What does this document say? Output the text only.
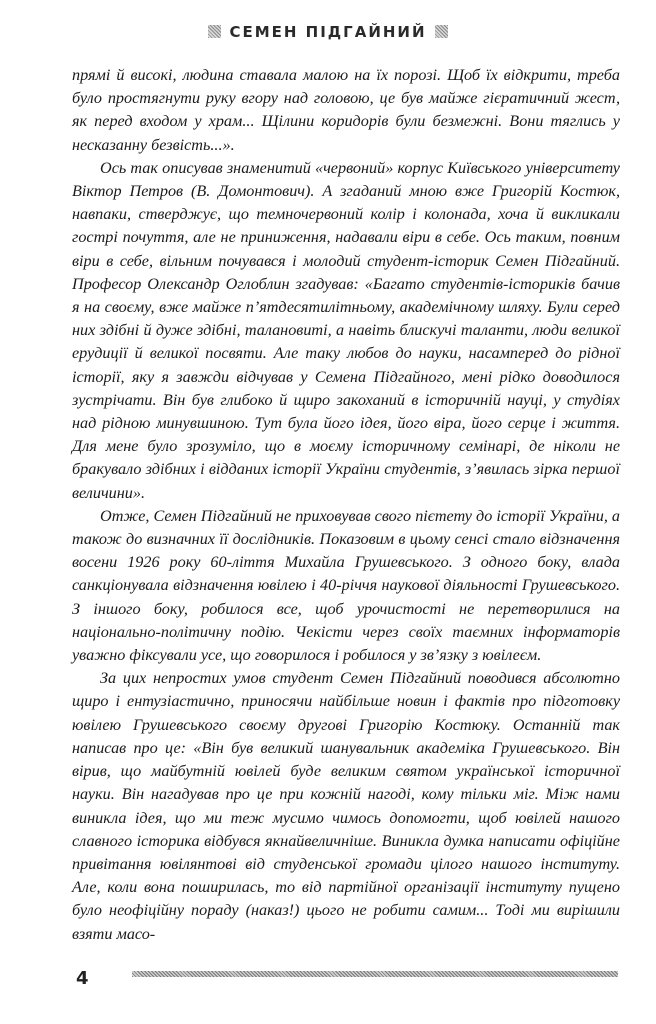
СЕМЕН ПІДГАЙНИЙ

прямі й високі, людина ставала малою на їх порозі. Щоб їх відкрити, треба було простягнути руку вгору над головою, це був майже гієратичний жест, як перед входом у храм... Щілини коридорів були безмежні. Вони тяглись у несказанну безвість...».

Ось так описував знаменитий «червоний» корпус Київського університету Віктор Петров (В. Домонтович). А згаданий мною вже Григорій Костюк, навпаки, стверджує, що темночервоний колір і колонада, хоча й викликали гострі почуття, але не приниження, надавали віри в себе. Ось таким, повним віри в себе, вільним почувався і молодий студент-історик Семен Підгайний. Професор Олександр Оглоблин згадував: «Багато студентів-істориків бачив я на своєму, вже майже п’ятдесятилітньому, академічному шляху. Були серед них здібні й дуже здібні, талановиті, а навіть блискучі таланти, люди великої ерудиції й великої посвяти. Але таку любов до науки, насамперед до рідної історії, яку я завжди відчував у Семена Підгайного, мені рідко доводилося зустрічати. Він був глибоко й щиро закоханий в історичній науці, у студіях над рідною минувшиною. Тут була його ідея, його віра, його серце і життя. Для мене було зрозуміло, що в моєму історичному семінарі, де ніколи не бракувало здібних і відданих історії України студентів, з’явилась зірка першої величини».

Отже, Семен Підгайний не приховував свого пієтету до історії України, а також до визначних її дослідників. Показовим в цьому сенсі стало відзначення восени 1926 року 60-ліття Михайла Грушевського. З одного боку, влада санкціонувала відзначення ювілею і 40-річчя наукової діяльності Грушевського. З іншого боку, робилося все, щоб урочистості не перетворилися на національно-політичну подію. Чекісти через своїх таємних інформаторів уважно фіксували усе, що говорилося і робилося у зв’язку з ювілеєм.

За цих непростих умов студент Семен Підгайний поводився абсолютно щиро і ентузіастично, приносячи найбільше новин і фактів про підготовку ювілею Грушевського своєму другові Григорію Костюку. Останній так написав про це: «Він був великий шанувальник академіка Грушевського. Він вірив, що майбутній ювілей буде великим святом української історичної науки. Він нагадував про це при кожній нагоді, кому тільки міг. Між нами виникла ідея, що ми теж мусимо чимось допомогти, щоб ювілей нашого славного історика відбувся якнайвеличніше. Виникла думка написати офіційне привітання ювілянтові від студенської громади цілого нашого інституту. Але, коли вона поширилась, то від партійної організації інституту пущено було неофіційну пораду (наказ!) цього не робити самим... Тоді ми вирішили взяти масо-

4
